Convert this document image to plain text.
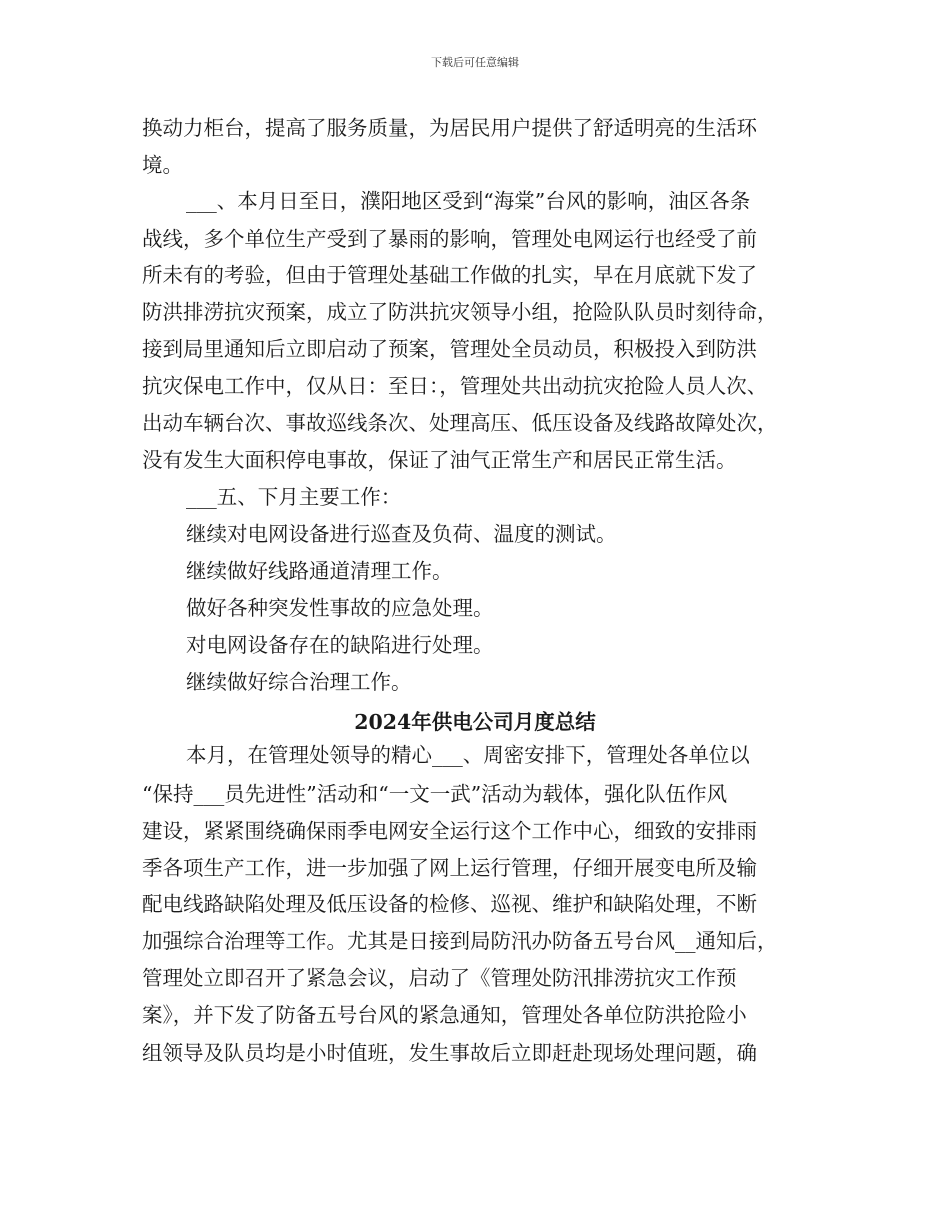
下载后可任意编辑
换动力柜台，提高了服务质量，为居民用户提供了舒适明亮的生活环
境。
___、本月日至日，濮阳地区受到“海棠”台风的影响，油区各条
战线，多个单位生产受到了暴雨的影响，管理处电网运行也经受了前
所未有的考验，但由于管理处基础工作做的扎实，早在月底就下发了
防洪排涝抗灾预案，成立了防洪抗灾领导小组，抢险队队员时刻待命，
接到局里通知后立即启动了预案，管理处全员动员，积极投入到防洪
抗灾保电工作中，仅从日：至日：，管理处共出动抗灾抢险人员人次、
出动车辆台次、事故巡线条次、处理高压、低压设备及线路故障处次，
没有发生大面积停电事故，保证了油气正常生产和居民正常生活。
___五、下月主要工作：
继续对电网设备进行巡查及负荷、温度的测试。
继续做好线路通道清理工作。
做好各种突发性事故的应急处理。
对电网设备存在的缺陷进行处理。
继续做好综合治理工作。
2024年供电公司月度总结
本月，在管理处领导的精心___、周密安排下，管理处各单位以
“保持___员先进性”活动和“一文一武”活动为载体，强化队伍作风
建设，紧紧围绕确保雨季电网安全运行这个工作中心，细致的安排雨
季各项生产工作，进一步加强了网上运行管理，仔细开展变电所及输
配电线路缺陷处理及低压设备的检修、巡视、维护和缺陷处理，不断
加强综合治理等工作。尤其是日接到局防汛办防备五号台风__通知后，
管理处立即召开了紧急会议，启动了《管理处防汛排涝抗灾工作预
案》，并下发了防备五号台风的紧急通知，管理处各单位防洪抢险小
组领导及队员均是小时值班，发生事故后立即赶赴现场处理问题，确
